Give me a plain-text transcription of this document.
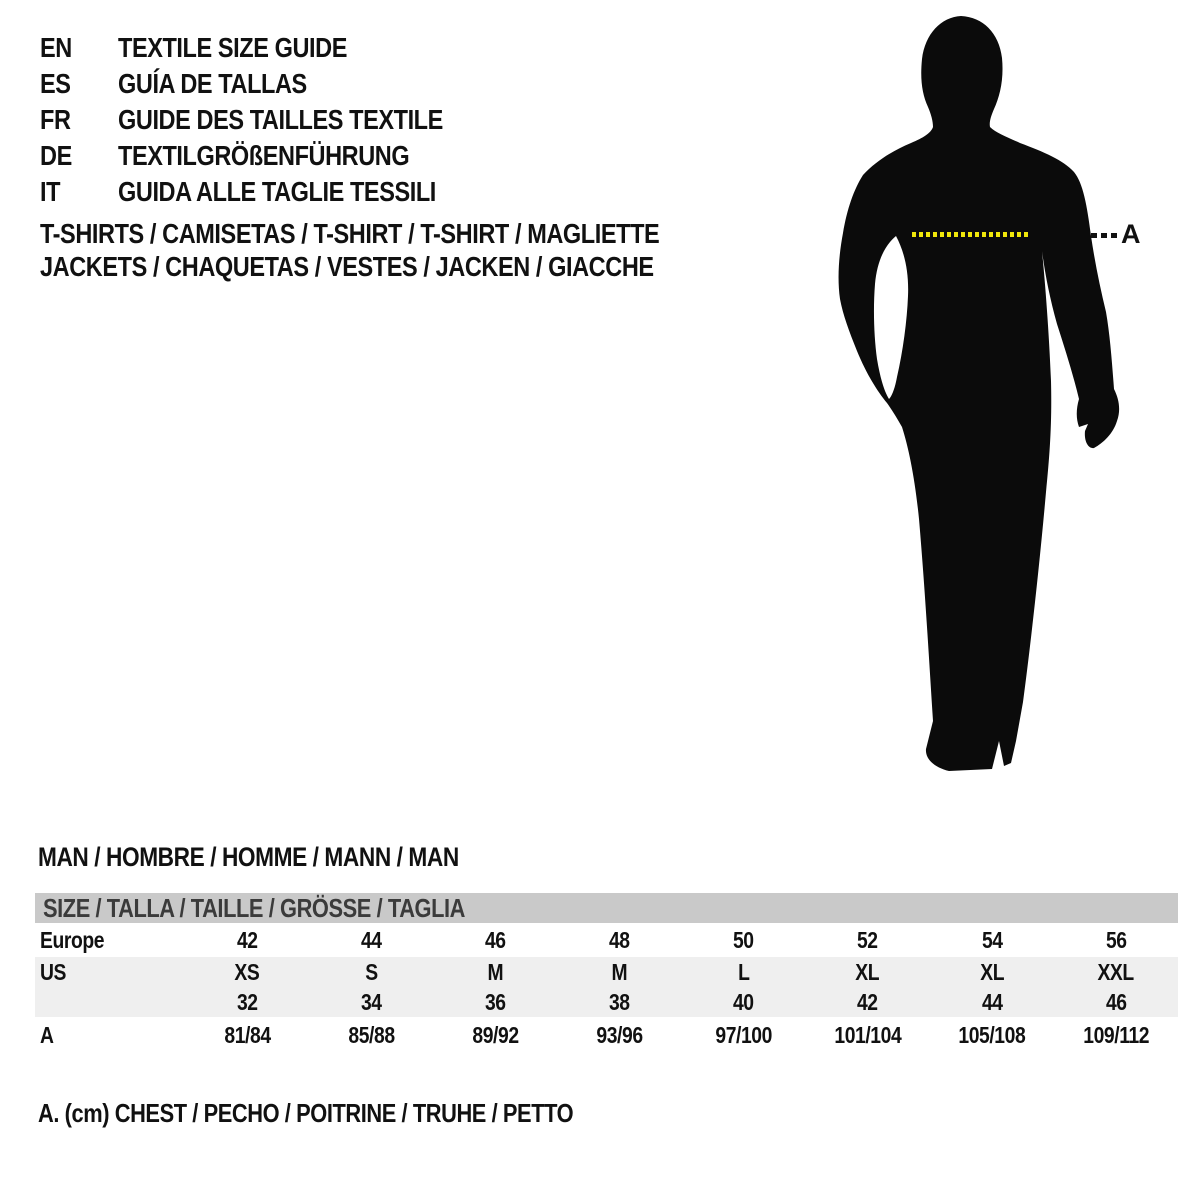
EN	TEXTILE SIZE GUIDE
ES	GUÍA DE TALLAS
FR	GUIDE DES TAILLES TEXTILE
DE	TEXTILGRÖßENFÜHRUNG
IT	GUIDA ALLE TAGLIE TESSILI
T-SHIRTS / CAMISETAS / T-SHIRT / T-SHIRT / MAGLIETTE
JACKETS / CHAQUETAS / VESTES / JACKEN / GIACCHE
A
MAN / HOMBRE / HOMME / MANN / MAN
SIZE / TALLA / TAILLE / GRÖSSE / TAGLIA
Europe	42	44	46	48	50	52	54	56
US	XS	S	M	M	L	XL	XL	XXL
32	34	36	38	40	42	44	46
A	81/84	85/88	89/92	93/96	97/100	101/104 105/108	109/112
A. (cm) CHEST / PECHO / POITRINE / TRUHE / PETTO
